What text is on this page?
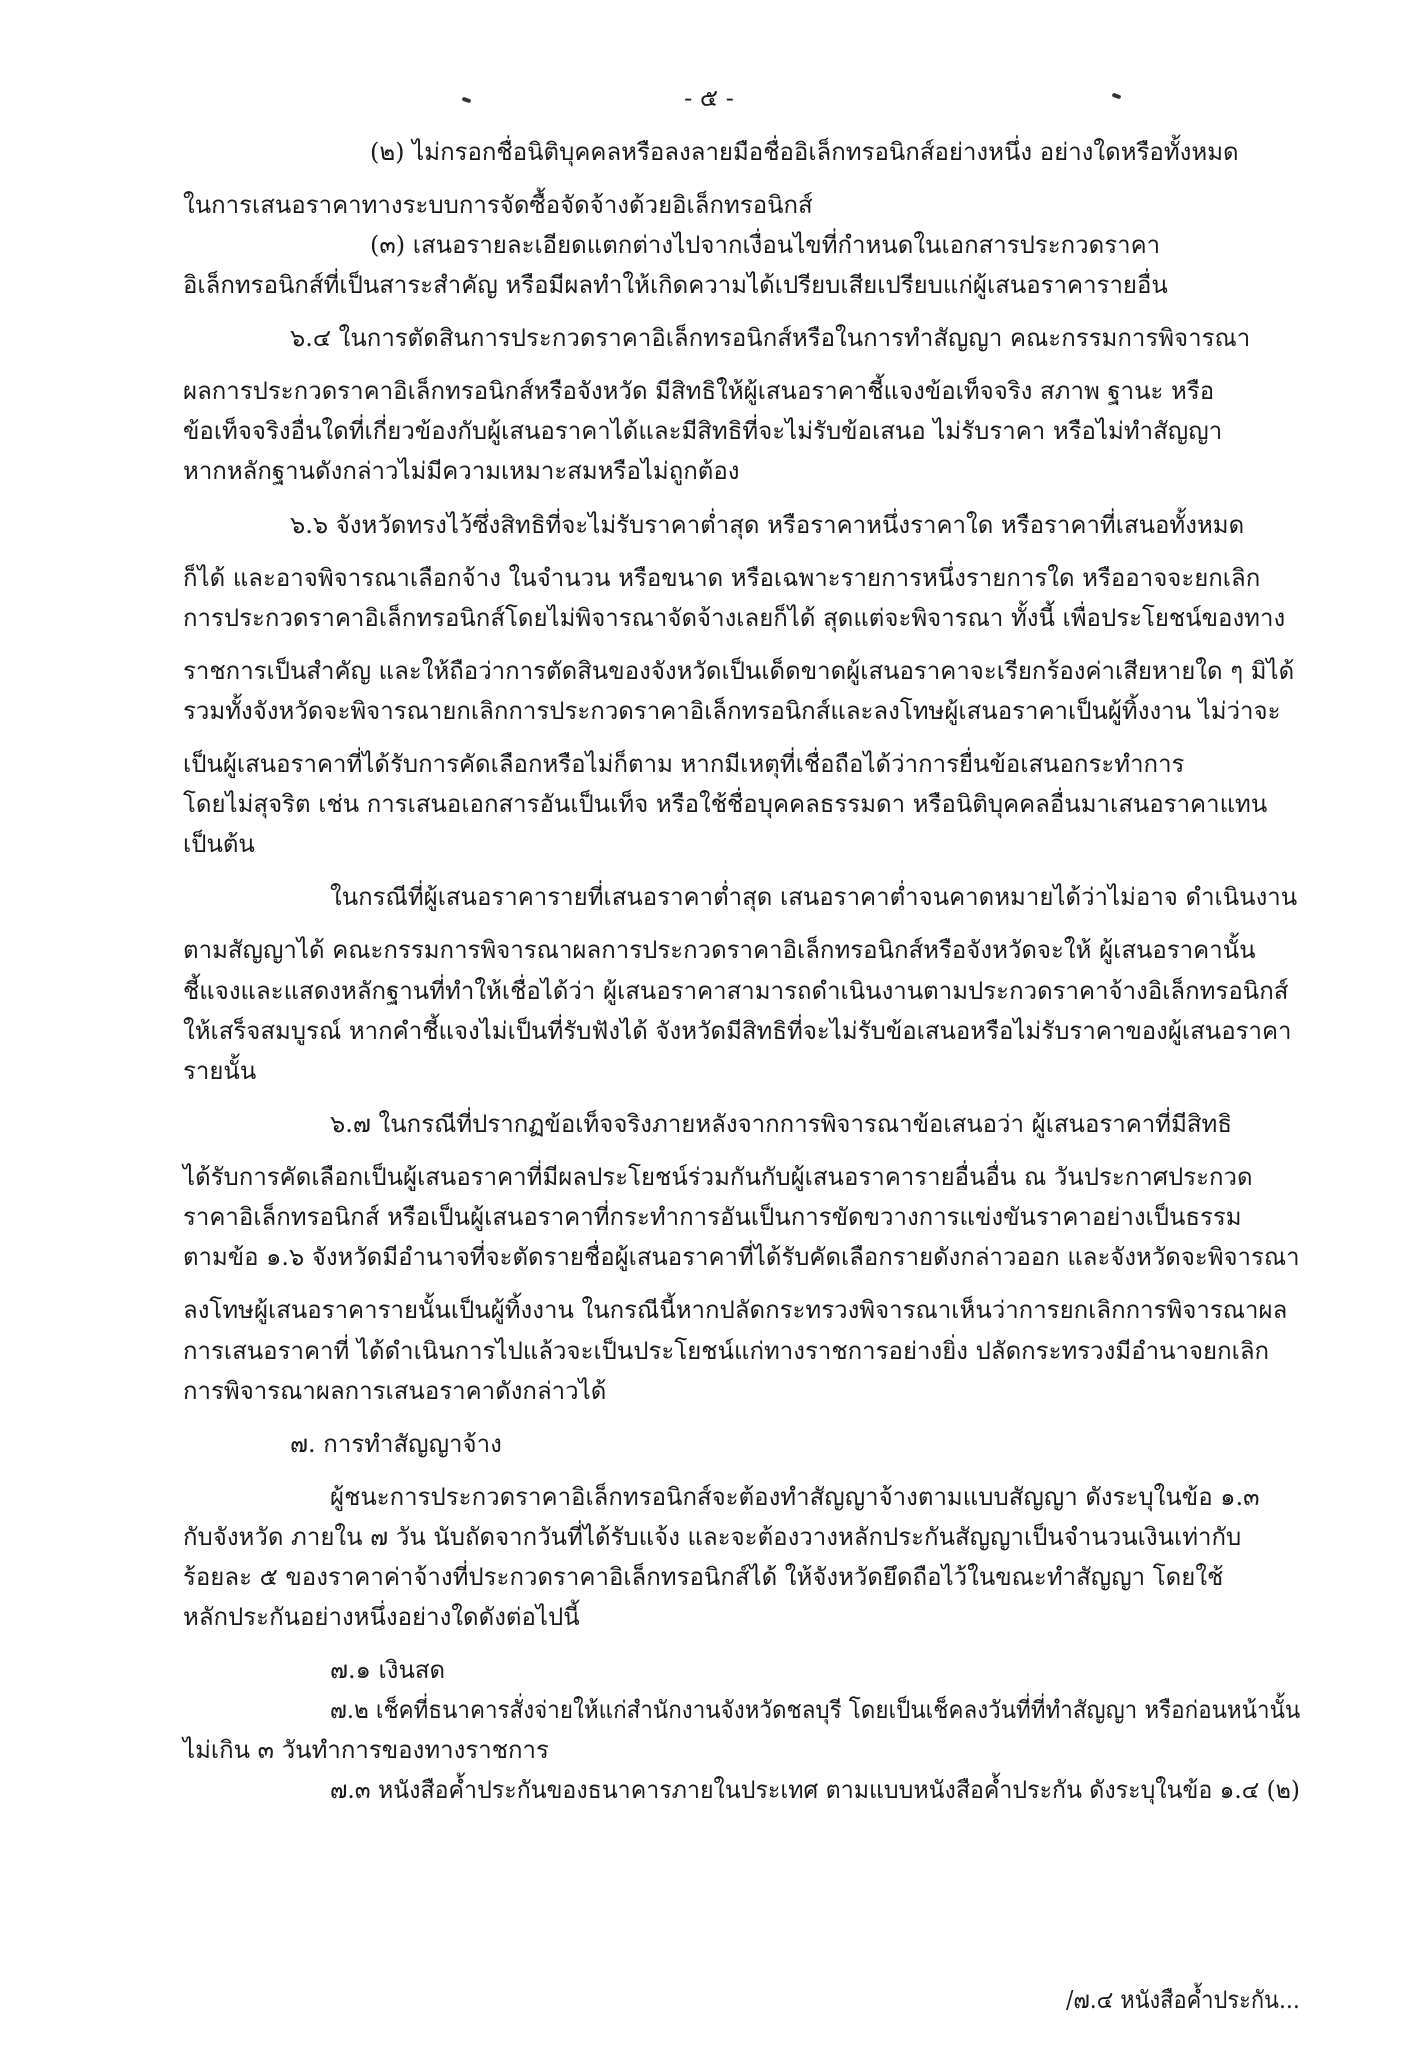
- ๕ -
(๒) ไม่กรอกชื่อนิติบุคคลหรือลงลายมือชื่ออิเล็กทรอนิกส์อย่างหนึ่ง อย่างใดหรือทั้งหมด
ในการเสนอราคาทางระบบการจัดซื้อจัดจ้างด้วยอิเล็กทรอนิกส์
(๓) เสนอรายละเอียดแตกต่างไปจากเงื่อนไขที่กำหนดในเอกสารประกวดราคา
อิเล็กทรอนิกส์ที่เป็นสาระสำคัญ หรือมีผลทำให้เกิดความได้เปรียบเสียเปรียบแก่ผู้เสนอราคารายอื่น
๖.๔ ในการตัดสินการประกวดราคาอิเล็กทรอนิกส์หรือในการทำสัญญา คณะกรรมการพิจารณา
ผลการประกวดราคาอิเล็กทรอนิกส์หรือจังหวัด มีสิทธิให้ผู้เสนอราคาชี้แจงข้อเท็จจริง สภาพ ฐานะ หรือ
ข้อเท็จจริงอื่นใดที่เกี่ยวข้องกับผู้เสนอราคาได้และมีสิทธิที่จะไม่รับข้อเสนอ ไม่รับราคา หรือไม่ทำสัญญา
หากหลักฐานดังกล่าวไม่มีความเหมาะสมหรือไม่ถูกต้อง
๖.๖ จังหวัดทรงไว้ซึ่งสิทธิที่จะไม่รับราคาต่ำสุด หรือราคาหนึ่งราคาใด หรือราคาที่เสนอทั้งหมด
ก็ได้ และอาจพิจารณาเลือกจ้าง ในจำนวน หรือขนาด หรือเฉพาะรายการหนึ่งรายการใด หรืออาจจะยกเลิก
การประกวดราคาอิเล็กทรอนิกส์โดยไม่พิจารณาจัดจ้างเลยก็ได้ สุดแต่จะพิจารณา ทั้งนี้ เพื่อประโยชน์ของทาง
ราชการเป็นสำคัญ และให้ถือว่าการตัดสินของจังหวัดเป็นเด็ดขาดผู้เสนอราคาจะเรียกร้องค่าเสียหายใด ๆ มิได้
รวมทั้งจังหวัดจะพิจารณายกเลิกการประกวดราคาอิเล็กทรอนิกส์และลงโทษผู้เสนอราคาเป็นผู้ทิ้งงาน ไม่ว่าจะ
เป็นผู้เสนอราคาที่ได้รับการคัดเลือกหรือไม่ก็ตาม หากมีเหตุที่เชื่อถือได้ว่าการยื่นข้อเสนอกระทำการ
โดยไม่สุจริต เช่น การเสนอเอกสารอันเป็นเท็จ หรือใช้ชื่อบุคคลธรรมดา หรือนิติบุคคลอื่นมาเสนอราคาแทน
เป็นต้น
ในกรณีที่ผู้เสนอราคารายที่เสนอราคาต่ำสุด เสนอราคาต่ำจนคาดหมายได้ว่าไม่อาจ ดำเนินงาน
ตามสัญญาได้ คณะกรรมการพิจารณาผลการประกวดราคาอิเล็กทรอนิกส์หรือจังหวัดจะให้ ผู้เสนอราคานั้น
ชี้แจงและแสดงหลักฐานที่ทำให้เชื่อได้ว่า ผู้เสนอราคาสามารถดำเนินงานตามประกวดราคาจ้างอิเล็กทรอนิกส์
ให้เสร็จสมบูรณ์ หากคำชี้แจงไม่เป็นที่รับฟังได้ จังหวัดมีสิทธิที่จะไม่รับข้อเสนอหรือไม่รับราคาของผู้เสนอราคา
รายนั้น
๖.๗ ในกรณีที่ปรากฏข้อเท็จจริงภายหลังจากการพิจารณาข้อเสนอว่า ผู้เสนอราคาที่มีสิทธิ
ได้รับการคัดเลือกเป็นผู้เสนอราคาที่มีผลประโยชน์ร่วมกันกับผู้เสนอราคารายอื่นอื่น ณ วันประกาศประกวด
ราคาอิเล็กทรอนิกส์ หรือเป็นผู้เสนอราคาที่กระทำการอันเป็นการขัดขวางการแข่งขันราคาอย่างเป็นธรรม
ตามข้อ ๑.๖ จังหวัดมีอำนาจที่จะตัดรายชื่อผู้เสนอราคาที่ได้รับคัดเลือกรายดังกล่าวออก และจังหวัดจะพิจารณา
ลงโทษผู้เสนอราคารายนั้นเป็นผู้ทิ้งงาน ในกรณีนี้หากปลัดกระทรวงพิจารณาเห็นว่าการยกเลิกการพิจารณาผล
การเสนอราคาที่ ได้ดำเนินการไปแล้วจะเป็นประโยชน์แก่ทางราชการอย่างยิ่ง ปลัดกระทรวงมีอำนาจยกเลิก
การพิจารณาผลการเสนอราคาดังกล่าวได้
๗. การทำสัญญาจ้าง
ผู้ชนะการประกวดราคาอิเล็กทรอนิกส์จะต้องทำสัญญาจ้างตามแบบสัญญา ดังระบุในข้อ ๑.๓
กับจังหวัด ภายใน ๗ วัน นับถัดจากวันที่ได้รับแจ้ง และจะต้องวางหลักประกันสัญญาเป็นจำนวนเงินเท่ากับ
ร้อยละ ๕ ของราคาค่าจ้างที่ประกวดราคาอิเล็กทรอนิกส์ได้ ให้จังหวัดยึดถือไว้ในขณะทำสัญญา โดยใช้
หลักประกันอย่างหนึ่งอย่างใดดังต่อไปนี้
๗.๑ เงินสด
๗.๒ เช็คที่ธนาคารสั่งจ่ายให้แก่สำนักงานจังหวัดชลบุรี โดยเป็นเช็คลงวันที่ที่ทำสัญญา หรือก่อนหน้านั้น
ไม่เกิน ๓ วันทำการของทางราชการ
๗.๓ หนังสือค้ำประกันของธนาคารภายในประเทศ ตามแบบหนังสือค้ำประกัน ดังระบุในข้อ ๑.๔ (๒)
/๗.๔ หนังสือค้ำประกัน...
